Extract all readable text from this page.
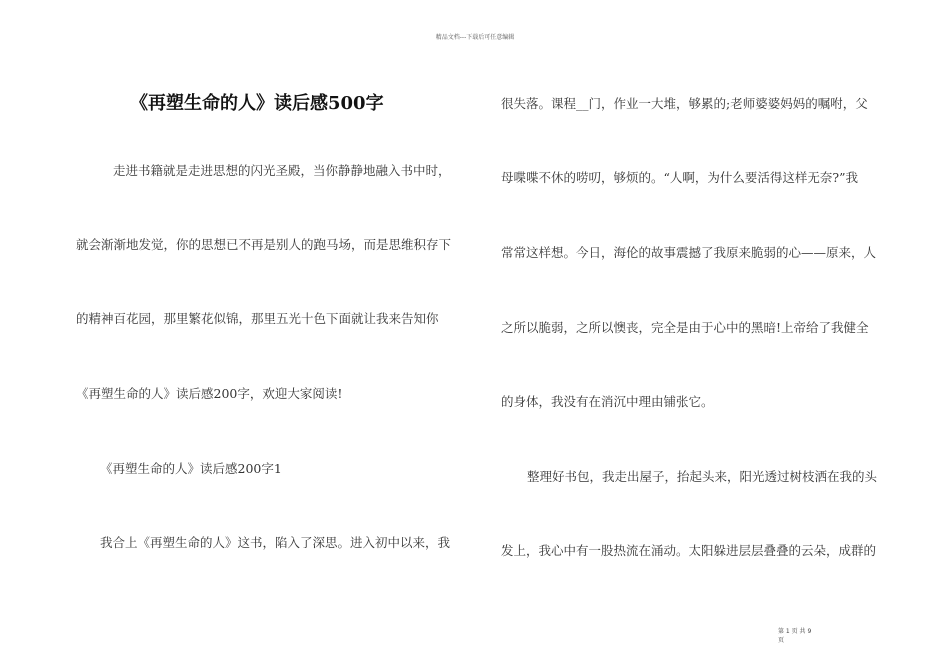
精品文档---下载后可任意编辑
《再塑生命的人》读后感500字
走进书籍就是走进思想的闪光圣殿，当你静静地融入书中时，
就会渐渐地发觉，你的思想已不再是别人的跑马场，而是思维积存下
的精神百花园，那里繁花似锦，那里五光十色下面就让我来告知你
《再塑生命的人》读后感200字，欢迎大家阅读!
《再塑生命的人》读后感200字1
我合上《再塑生命的人》这书，陷入了深思。进入初中以来，我
很失落。课程__门，作业一大堆，够累的;老师婆婆妈妈的嘱咐，父
母喋喋不休的唠叨，够烦的。“人啊，为什么要活得这样无奈?”我
常常这样想。今日，海伦的故事震撼了我原来脆弱的心——原来，人
之所以脆弱，之所以懊丧，完全是由于心中的黑暗!上帝给了我健全
的身体，我没有在消沉中理由铺张它。
整理好书包，我走出屋子，抬起头来，阳光透过树枝洒在我的头
发上，我心中有一股热流在涌动。太阳躲进层层叠叠的云朵，成群的
第 1 页 共 9
页
